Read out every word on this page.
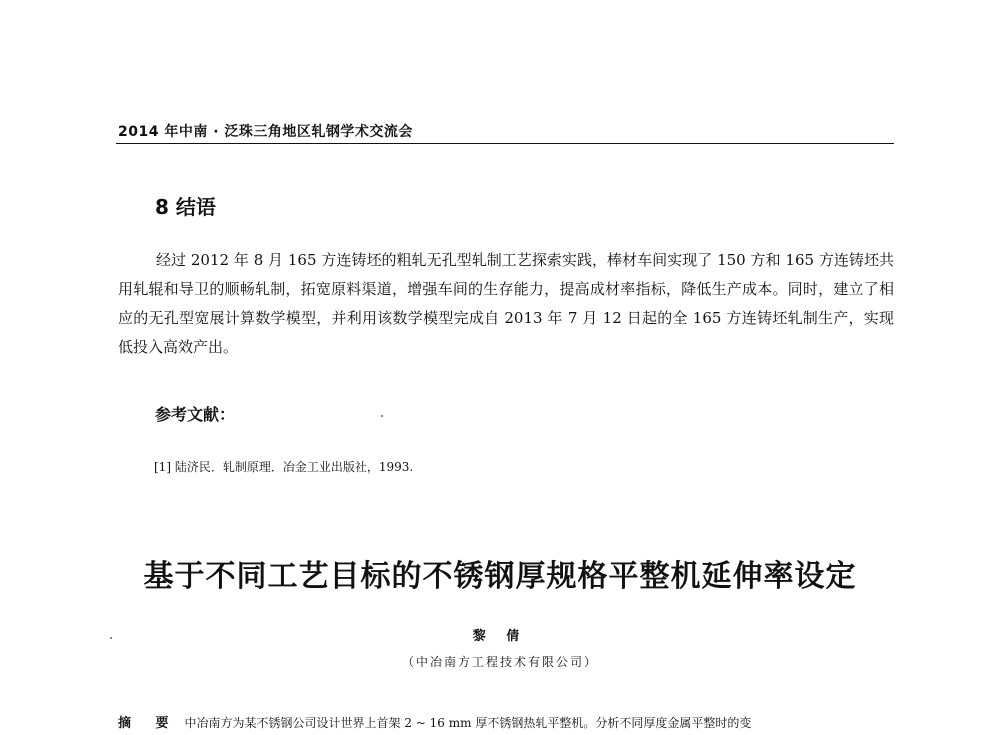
2014 年中南 · 泛珠三角地区轧钢学术交流会
8 结语

经过 2012 年 8 月 165 方连铸坯的粗轧无孔型轧制工艺探索实践，棒材车间实现了 150 方和 165 方连铸坯共用轧辊和导卫的顺畅轧制，拓宽原料渠道，增强车间的生存能力，提高成材率指标，降低生产成本。同时，建立了相应的无孔型宽展计算数学模型，并利用该数学模型完成自 2013 年 7 月 12 日起的全 165 方连铸坯轧制生产，实现低投入高效产出。

参考文献：
[1] 陆济民．轧制原理．冶金工业出版社，1993.
基于不同工艺目标的不锈钢厚规格平整机延伸率设定
黎 倩
（中冶南方工程技术有限公司）
摘 要 中冶南方为某不锈钢公司设计世界上首架 2 ~ 16 mm 厚不锈钢热轧平整机。分析不同厚度金属平整时的变
